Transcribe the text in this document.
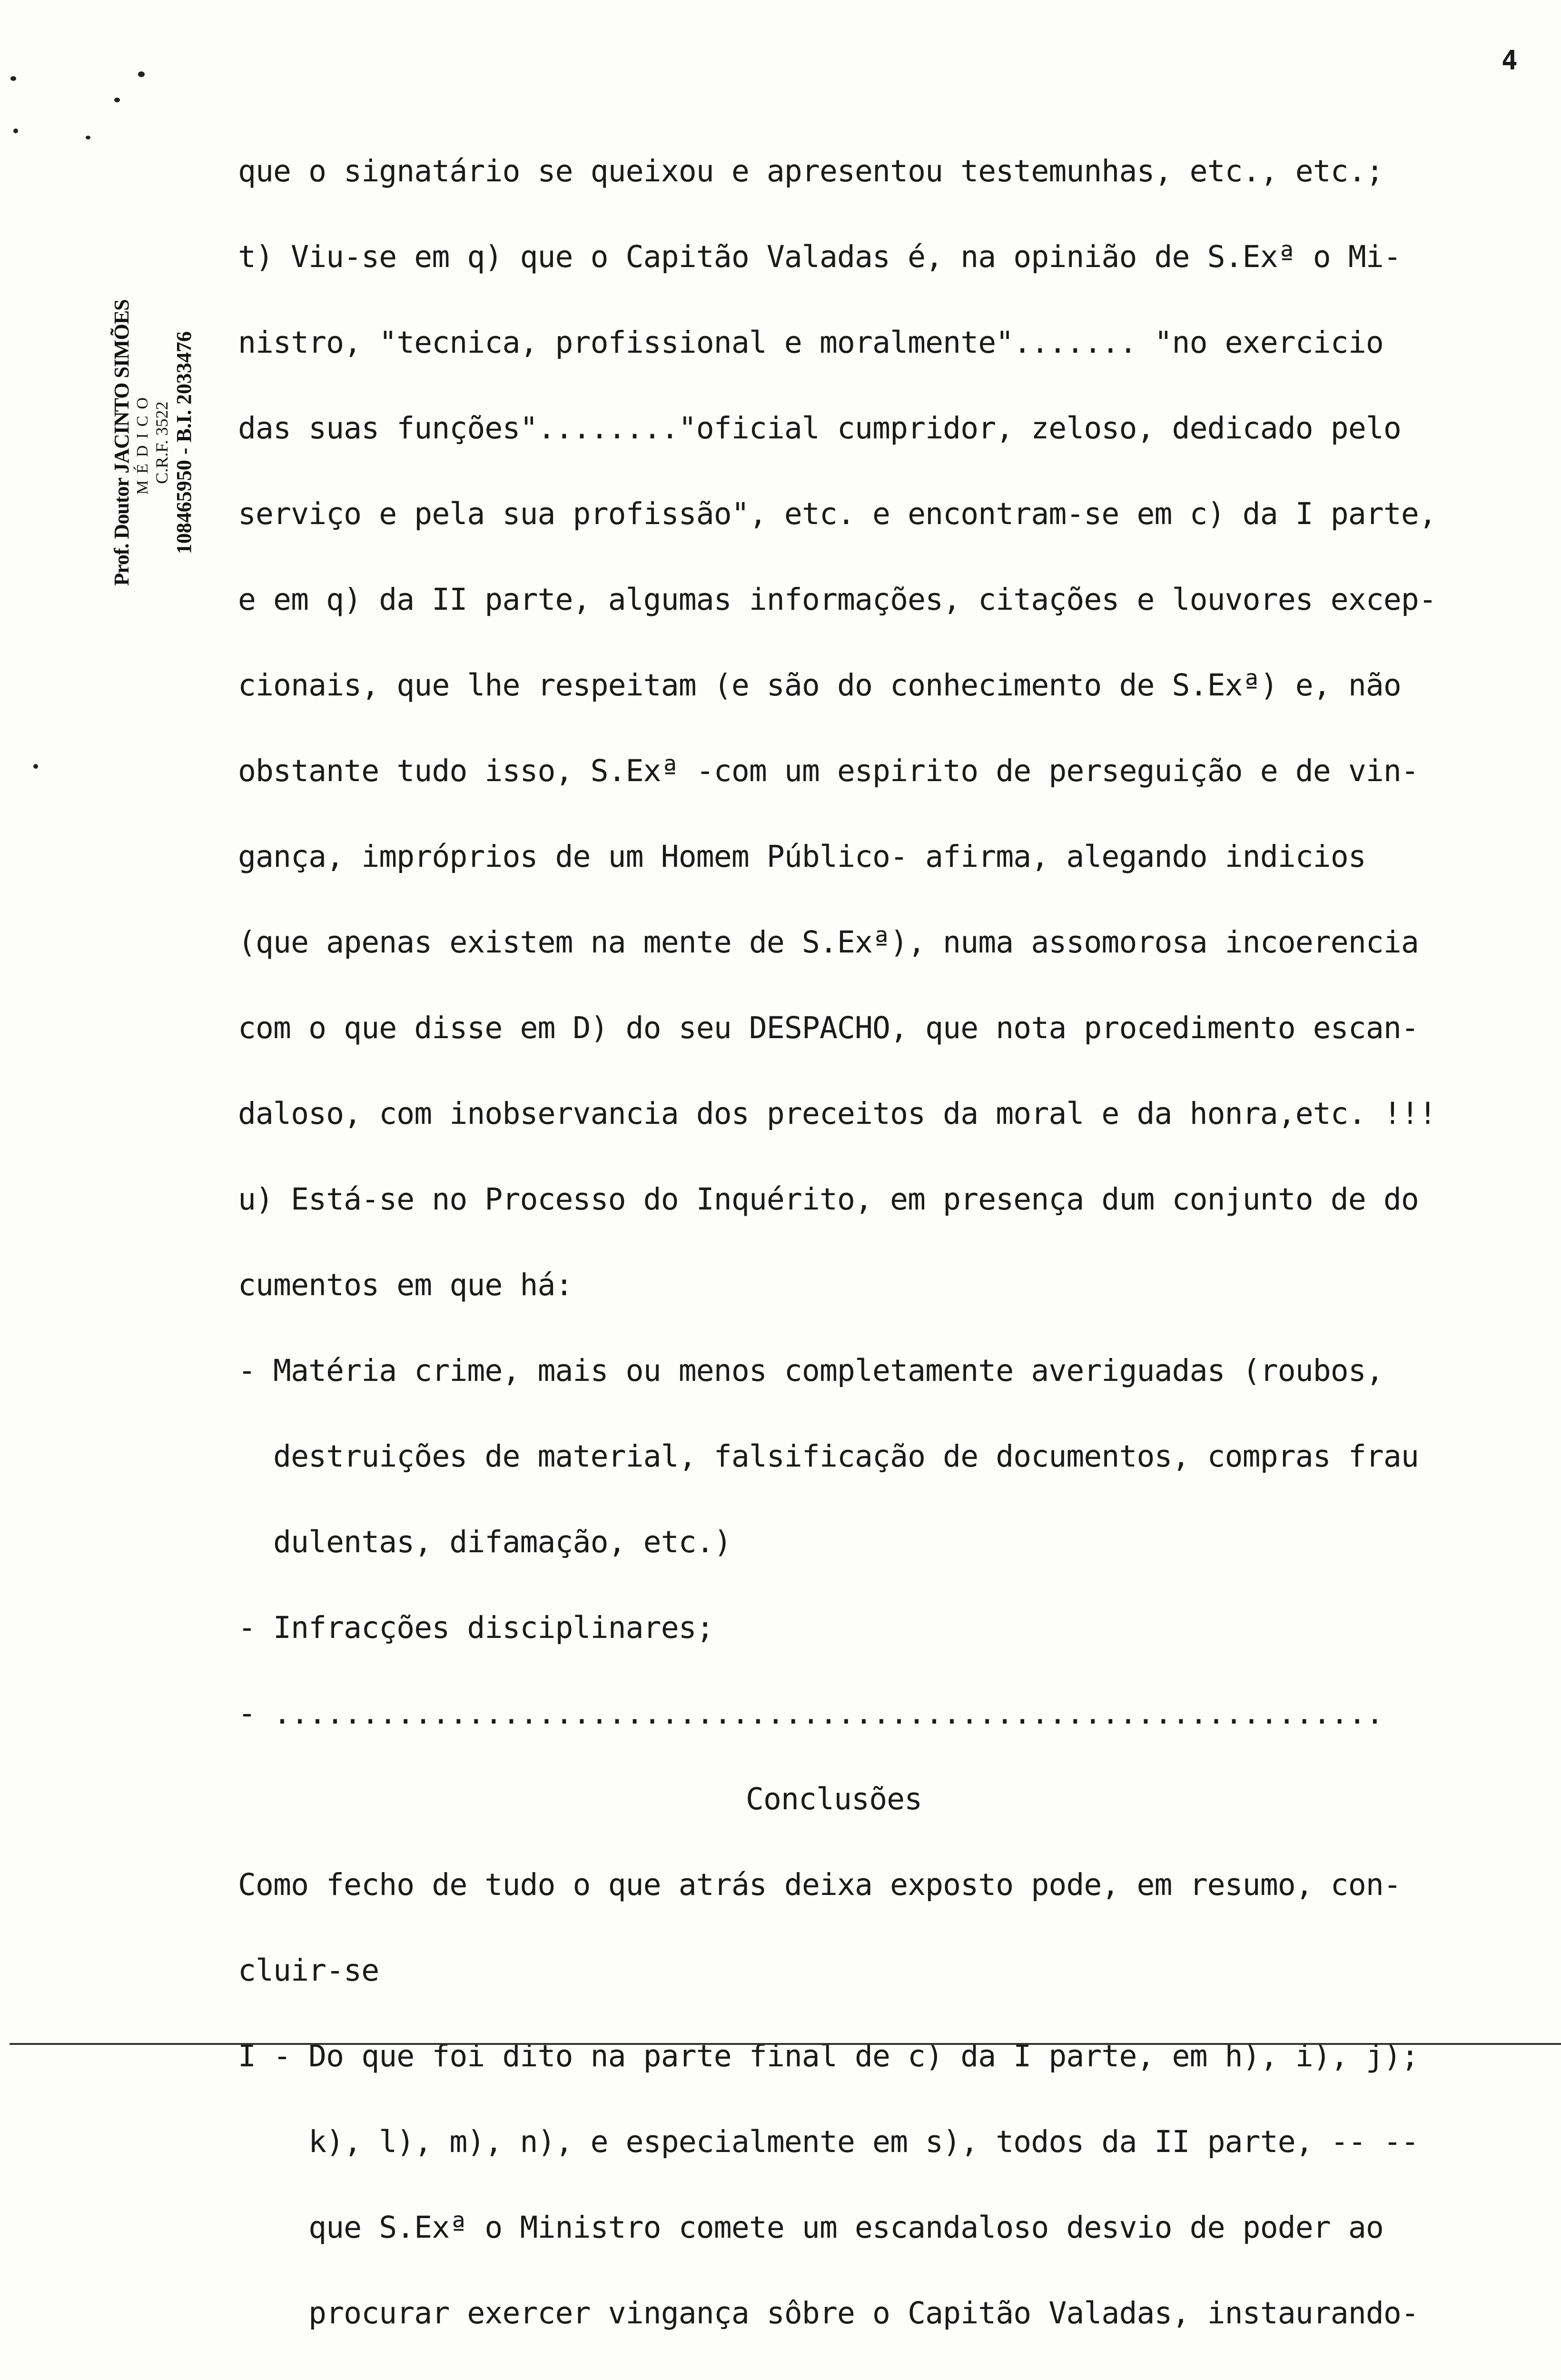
4
Prof. Doutor JACINTO SIMÕES MÉDICO C.R.F. 3522 108465950 - B.I. 2033476

que o signatário se queixou e apresentou testemunhas, etc., etc.;

t) Viu-se em q) que o Capitão Valadas é, na opinião de S.Exª o Mi-

nistro, "tecnica, profissional e moralmente"....... "no exercicio

das suas funções"........"oficial cumpridor, zeloso, dedicado pelo

serviço e pela sua profissão", etc. e encontram-se em c) da I parte,

e em q) da II parte, algumas informações, citações e louvores excep-

cionais, que lhe respeitam (e são do conhecimento de S.Exª) e, não

obstante tudo isso, S.Exª -com um espirito de perseguição e de vin-

gança, impróprios de um Homem Público- afirma, alegando indicios

(que apenas existem na mente de S.Exª), numa assomorosa incoerencia

com o que disse em D) do seu DESPACHO, que nota procedimento escan-

daloso, com inobservancia dos preceitos da moral e da honra,etc. !!!

u) Está-se no Processo do Inquérito, em presença dum conjunto de do

cumentos em que há:

- Matéria crime, mais ou menos completamente averiguadas (roubos,

destruições de material, falsificação de documentos, compras frau

dulentas, difamação, etc.)

- Infracções disciplinares;

- ...............................................................

Conclusões

Como fecho de tudo o que atrás deixa exposto pode, em resumo, con-

cluir-se

I - Do que foi dito na parte final de c) da I parte, em h), i), j);

k), l), m), n), e especialmente em s), todos da II parte, -- --

que S.Exª o Ministro comete um escandaloso desvio de poder ao

procurar exercer vingança sôbre o Capitão Valadas, instaurando-
